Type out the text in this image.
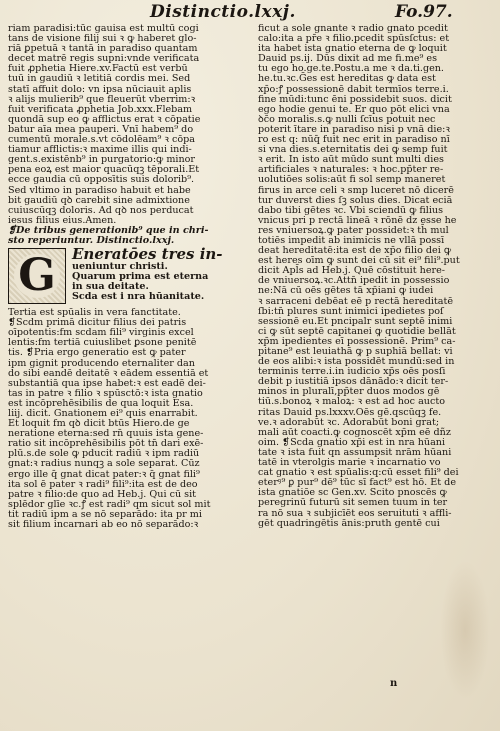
Distinctio.lxxj.	Fo.97.
riam paradisi:tūc gauisa est multū cogi
tans de visione filij sui ꝛ ꝙ haberet glo-
riā ꝑpetuā ꝛ tantā in paradiso quantam
decet matrē regis supni:vnde verificata
fuit ꝓphetia Hiere.xv.Factū est verbū
tuū in gaudiū ꝛ letitiā cordis mei. Sed
statī affuit dolo: vn ipsa nūciauit aplis
ꝛ alijs mulierib⁹ que fleuerūt vberrim:ꝛ
fuit verificata ꝓphetia Job.xxx.Flebam
quondā sup eo ꝙ afflictus erat ꝛ cōpatie
batur aīa mea pauperi. Vnī habem⁹ do
cumentū morale.s.vt cōdolēam⁹ ꝛ cōpa
tiamur afflictis:ꝛ maxime illis qui indi-
gent.s.existēnb⁹ in purgatorio:ꝙ minor
pena eoꝝ est maior quacūqꝫ tēporali.Et
ecce gaudia cū opposītis suis dolorib⁹.
Sed vltimo in paradiso habuit et habe
bit gaudiū qꝺ carebit sine admixtione
cuiuscūqꝫ doloris. Ad qꝺ nos perducat
iesus filius eius.Amen.
❡De tribus generationib⁹ que in chri-
sto reperiuntur. Distinctio.lxxj.
G Eneratōes tres in-
ueniuntur christi.
Quarum prima est eterna
in sua deitate.
Scda est i nra hūanitate.
Tertia est spūalis in vera fanctitate.
❡Scdm primā dicitur filius dei patris
oīpotentis:fm scdam fili⁹ virginis excel
lentis:fm tertiā cuiuslibet ꝑsone penitē
tis. ❡Pria ergo generatio est ꝙ pater
ipm gignit producendo eternaliter dan
do sibi eandē deitatē ꝛ eādem essentiā et
substantiā qua ipse habet:ꝛ est eadē dei-
tas in patre ꝛ filio ꝛ spūsctō:ꝛ ista gnatio
est incōprehēsibilis de qua loquit Esa.
liij. dicit. Gnationem ei⁹ quis enarrabit.
Et loquit fm qꝺ dicit btūs Hiero.de ge
neratione eterna:sed rn̄ quuis ista gene-
ratio sit incōprehēsibilis pōt tn̄ dari exē-
plū.s.de sole ꝙ pducit radiū ꝛ ipm radiū
gnat:ꝛ radius nunqꝫ a sole separat. Cūz
ergo ille q̄ gnat dicat pater:ꝛ q̄ gnat fili⁹
ita sol ē pater ꝛ radi⁹ fili⁹:ita est de deo
patre ꝛ filio:de quo ad Heb.j. Qui cū sit
splēdor glīe ꝛc.ꝭ est radi⁹ qm sicut sol mit
tit radiū ipm a se nō separādo: ita pr mi
sit filium incarnari ab eo nō separādo:ꝛ
ficut a sole gnante ꝛ radio gnato pcedit
calo:ita a pr̄e ꝛ filio.pcedit spūsſctus: et
ita habet ista gnatio eterna de ꝙ loquit
Dauid ps.ij. Dūs dixit ad me fi.me⁹ es
tu ego ho.ge.te.Postu.a me ꝛ da.ti.gen.
he.tu.ꝛc.Ḡes est hereditas ꝙ data est
xp̄o:ꝭ possessionē dabit termīos terre.i.
fine mūdi:tunc ēni possidebit suos. dicit
ego hodie genui te. Er quo pōt elici vna
ꝺc̄o moralis.s.ꝙ nulli ſcīus potuit nec
poterit ītare in paradiso nisi p vnā die:ꝛ
ro est q: nūq̄ fuit nec erit in paradiso nī
si vna dies.s.eternitatis dei ꝙ semp fuit
ꝛ erit. In isto aūt mūdo sunt multi dies
artificiales ꝛ naturales: ꝛ hoc.pp̄ter re-
uolutiōes solis:aūt fi sol semp maneret
firus in arce celi ꝛ smp luceret nō dicerē
tur duverst dies ſꝫ solus dies. Dicat eciā
dabo tibi gētes ꝛc. Vbi sciendū ꝙ filius
vnicus pri p rectā lineā ꝛ rōnē dz esse he
res vniuersoꝝ.ꝙ pater possidet:ꝛ th̄ mul
totiēs impedit ab inimicis ne vllā possī
deat hereditatē:ita est de xp̄o filio dei ꝙ
est heres oīm ꝙ sunt dei cū sit ei⁹ fili⁹.put
dicit Apl̄s ad Heb.j. Quē cōstituit here-
de vniuersoꝝ.ꝛc.Attn̄ ipedit in possessio
ne:Nā cū oēs gētes tā xp̄iani ꝙ iudei
ꝛ sarraceni debēat eē p rectā hereditatē
ſbi:tn̄ plures sunt inimici ipedietes poſ
sessionē eu.Et pncipalr sunt septē inimi
ci ꝙ sūt septē capitanei ꝙ quotidie bellāt
xp̄m ipedientes eī possessionē. Prim⁹ ca-
pitane⁹ est leuiathā ꝙ p suphiā bellat: vi
de eos alibi:ꝛ ista possidēt mundū:sed in
terminis terre.i.in iudicio xp̄s oēs posſi
debit p iustitiā ipsos dānādo:ꝛ dicit ter-
minos in pluralī,pp̄ter duos modos gē
tiū.s.bonoꝝ ꝛ maloꝝ: ꝛ est ad hoc aucto
ritas Dauid ps.lxxxv.Oēs gē.qscūqꝫ fe.
ve.ꝛ adorabūt ꝛc. Adorabūt boni grat;
mali aūt coacti.ꝙ cognoscēt xp̄m eē dñz
oim. ❡Scda gnatio xp̄i est in nra hūani
tate ꝛ ista fuit qn assumpsit nrām hūani
tatē in vterolgis marie ꝛ incarnatio vo
cat gnatio ꝛ est spūalis:q:cū esset fili⁹ dei
eterꝰ⁹ ꝑ pur⁹ dē⁹ tūc sī fact⁹ est hō. Et de
ista gnatiōe sc Gen.xv. Scito pnoscēs ꝙ
peregrinū futurū sit semen tuum in ter
ra nō sua ꝛ subjicīēt eos seruituti ꝛ affli-
gēt quadringētis ānis:pruth gentē cui
n
